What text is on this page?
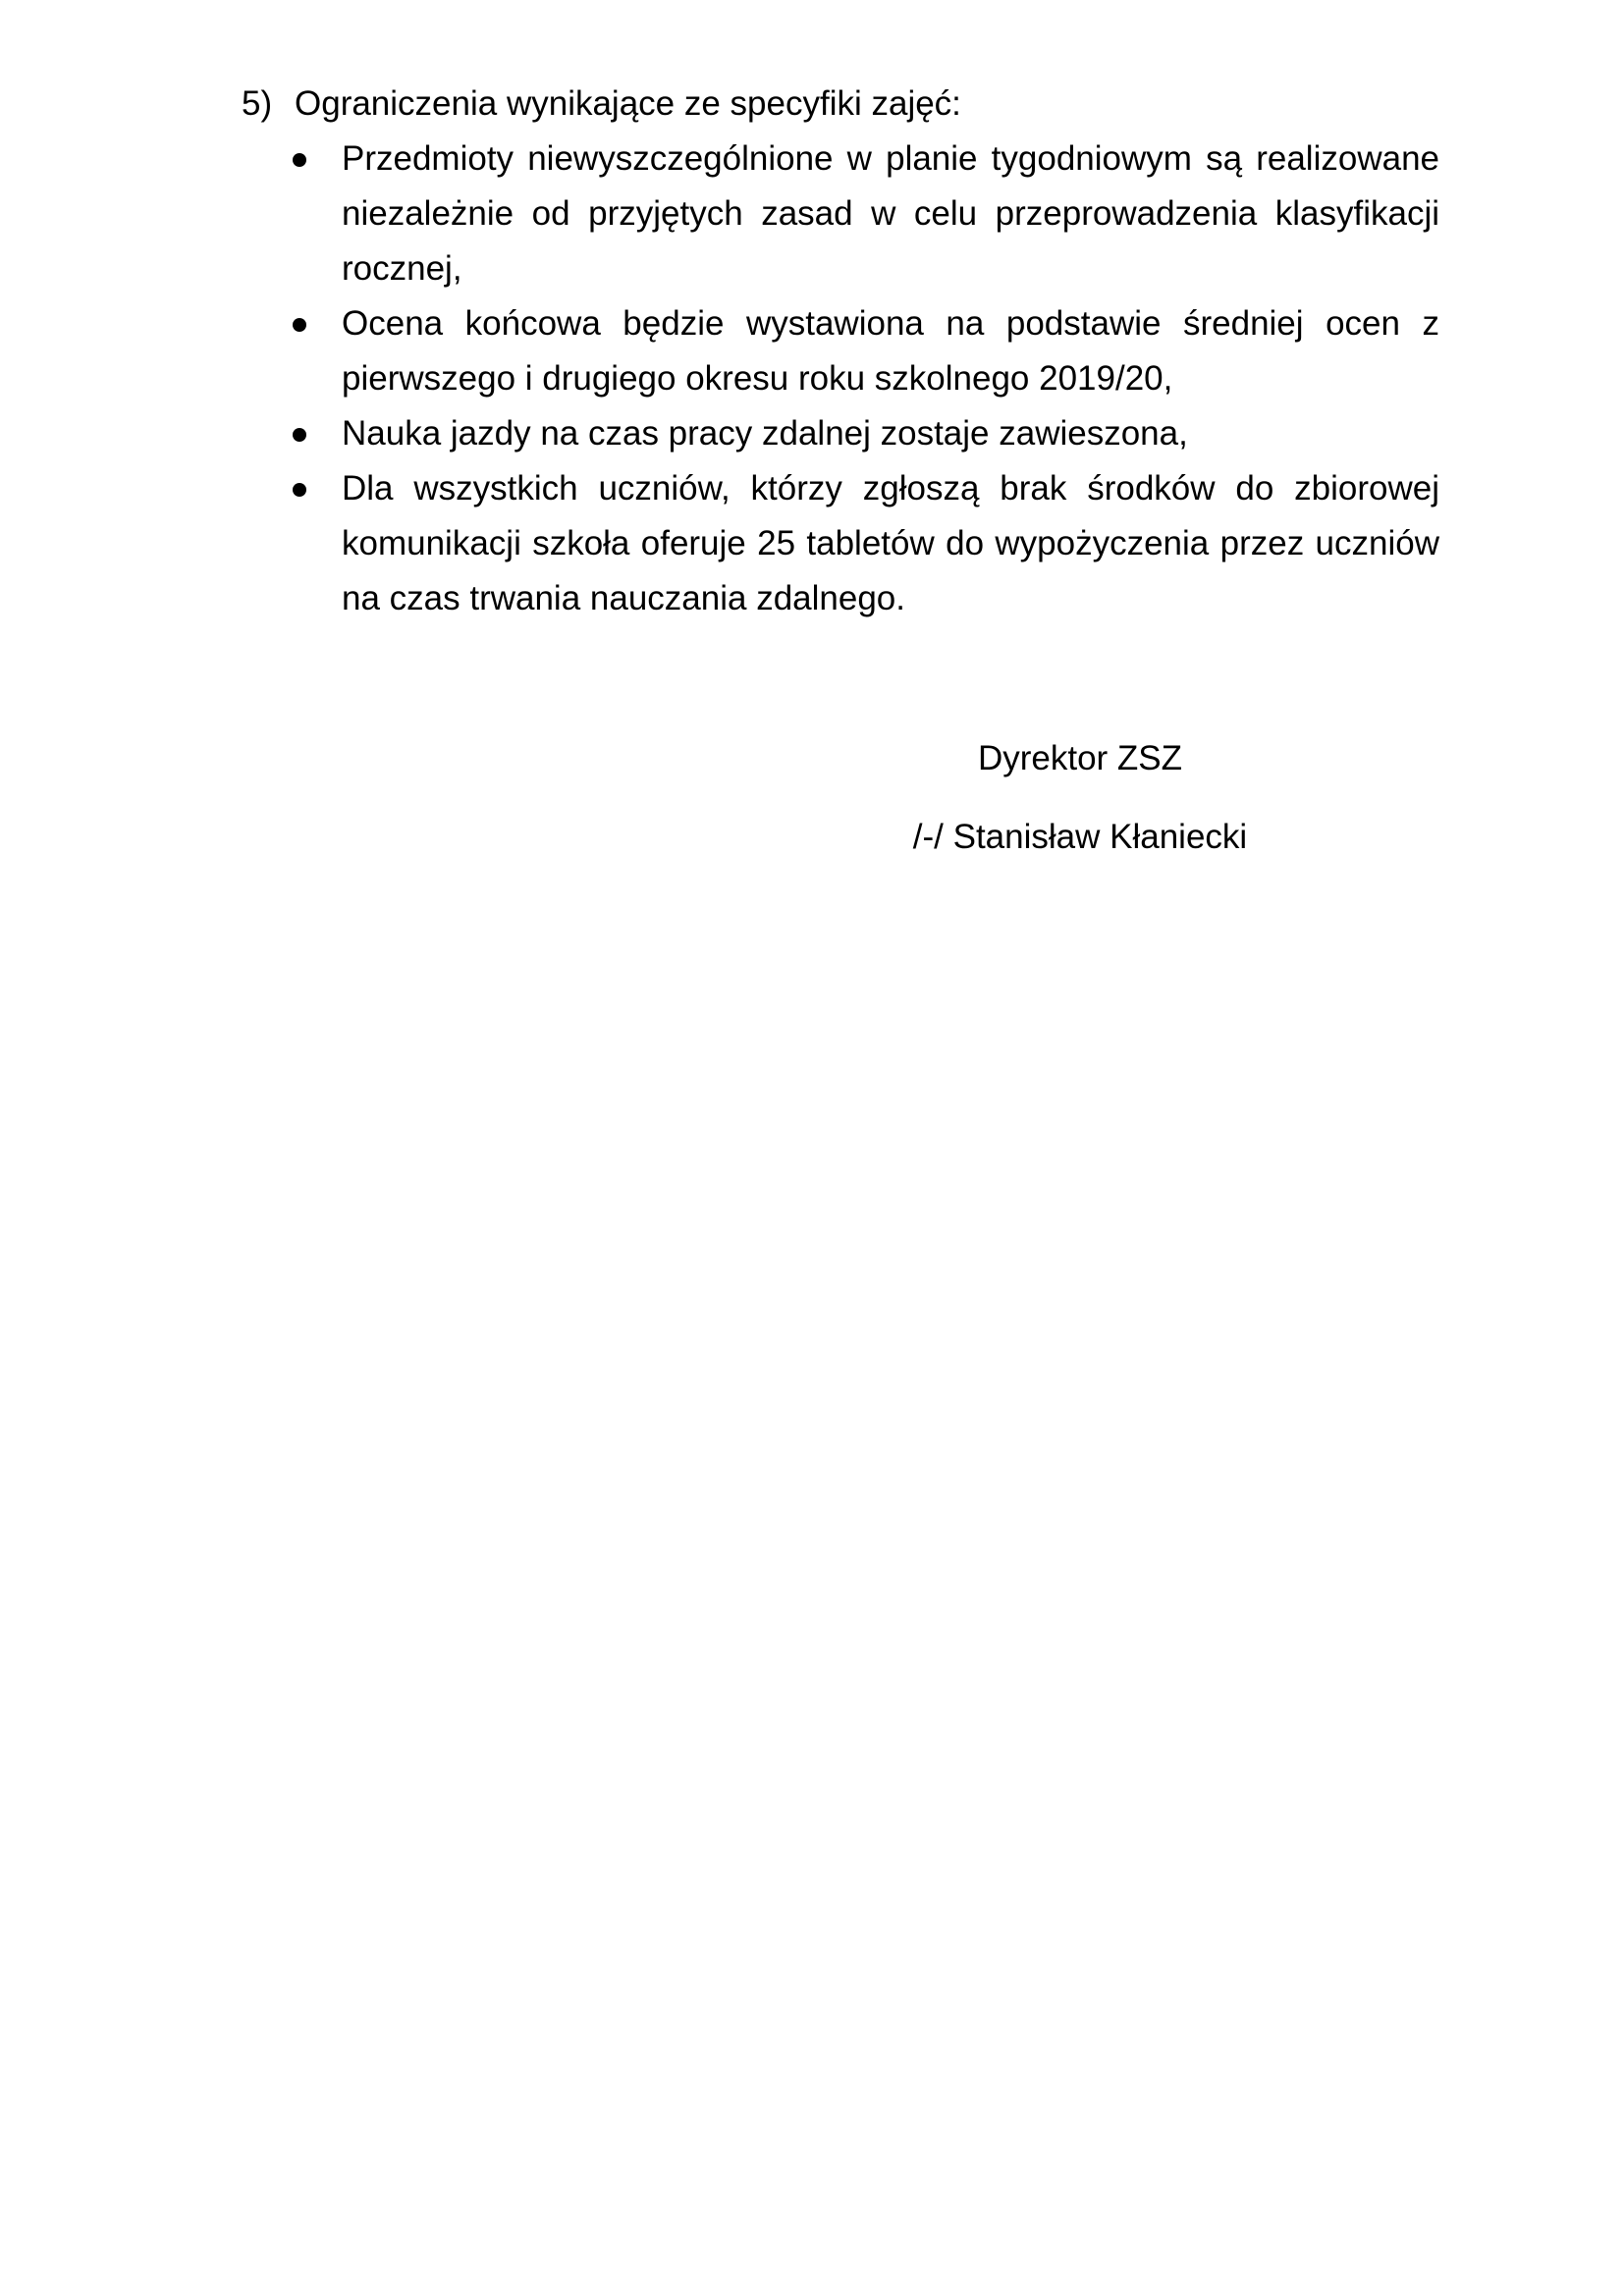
5) Ograniczenia wynikające ze specyfiki zajęć:

Przedmioty niewyszczególnione w planie tygodniowym są realizowane niezależnie od przyjętych zasad w celu przeprowadzenia klasyfikacji rocznej,
Ocena końcowa będzie wystawiona na podstawie średniej ocen z pierwszego i drugiego okresu roku szkolnego 2019/20,
Nauka jazdy na czas pracy zdalnej zostaje zawieszona,
Dla wszystkich uczniów, którzy zgłoszą brak środków do zbiorowej komunikacji szkoła oferuje 25 tabletów do wypożyczenia przez uczniów na czas trwania nauczania zdalnego.

Dyrektor ZSZ

/-/ Stanisław Kłaniecki
